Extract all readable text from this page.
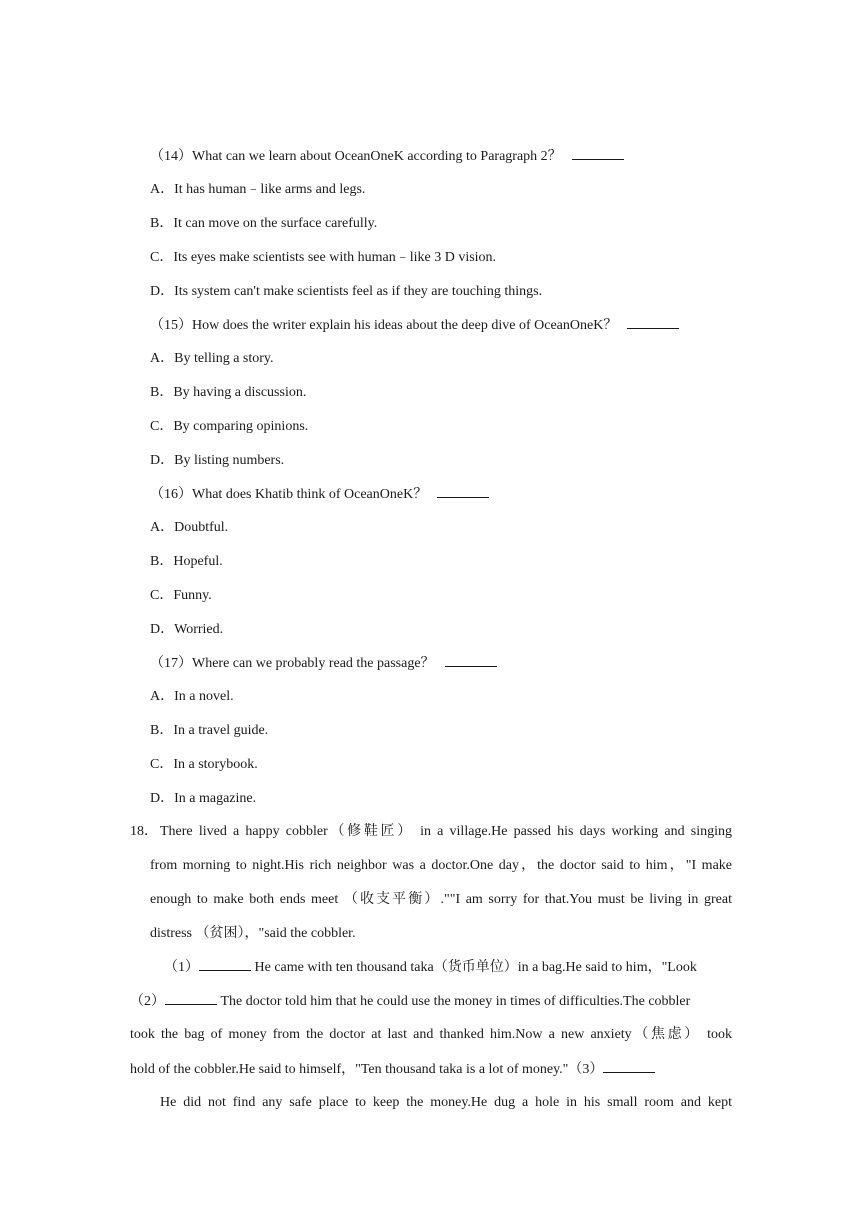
（14）What can we learn about OceanOneK according to Paragraph 2？
A．It has human﹣like arms and legs.
B．It can move on the surface carefully.
C．Its eyes make scientists see with human﹣like 3 D vision.
D．Its system can't make scientists feel as if they are touching things.
（15）How does the writer explain his ideas about the deep dive of OceanOneK？
A．By telling a story.
B．By having a discussion.
C．By comparing opinions.
D．By listing numbers.
（16）What does Khatib think of OceanOneK？
A．Doubtful.
B．Hopeful.
C．Funny.
D．Worried.
（17）Where can we probably read the passage？
A．In a novel.
B．In a travel guide.
C．In a storybook.
D．In a magazine.
18． There lived a happy cobbler（修鞋匠） in a village.He passed his days working and singing
from morning to night.His rich neighbor was a doctor.One day，the doctor said to him，"I make
enough to make both ends meet （收支平衡）.""I am sorry for that.You must be living in great
distress （贫困），"said the cobbler.
（1）	He came with ten thousand taka（货币单位）in a bag.He said to him，"Look
（2）	The doctor told him that he could use the money in times of difficulties.The cobbler
took the bag of money from the doctor at last and thanked him.Now a new anxiety（焦虑） took
hold of the cobbler.He said to himself，"Ten thousand taka is a lot of money."（3）
He did not find any safe place to keep the money.He dug a hole in his small room and kept
